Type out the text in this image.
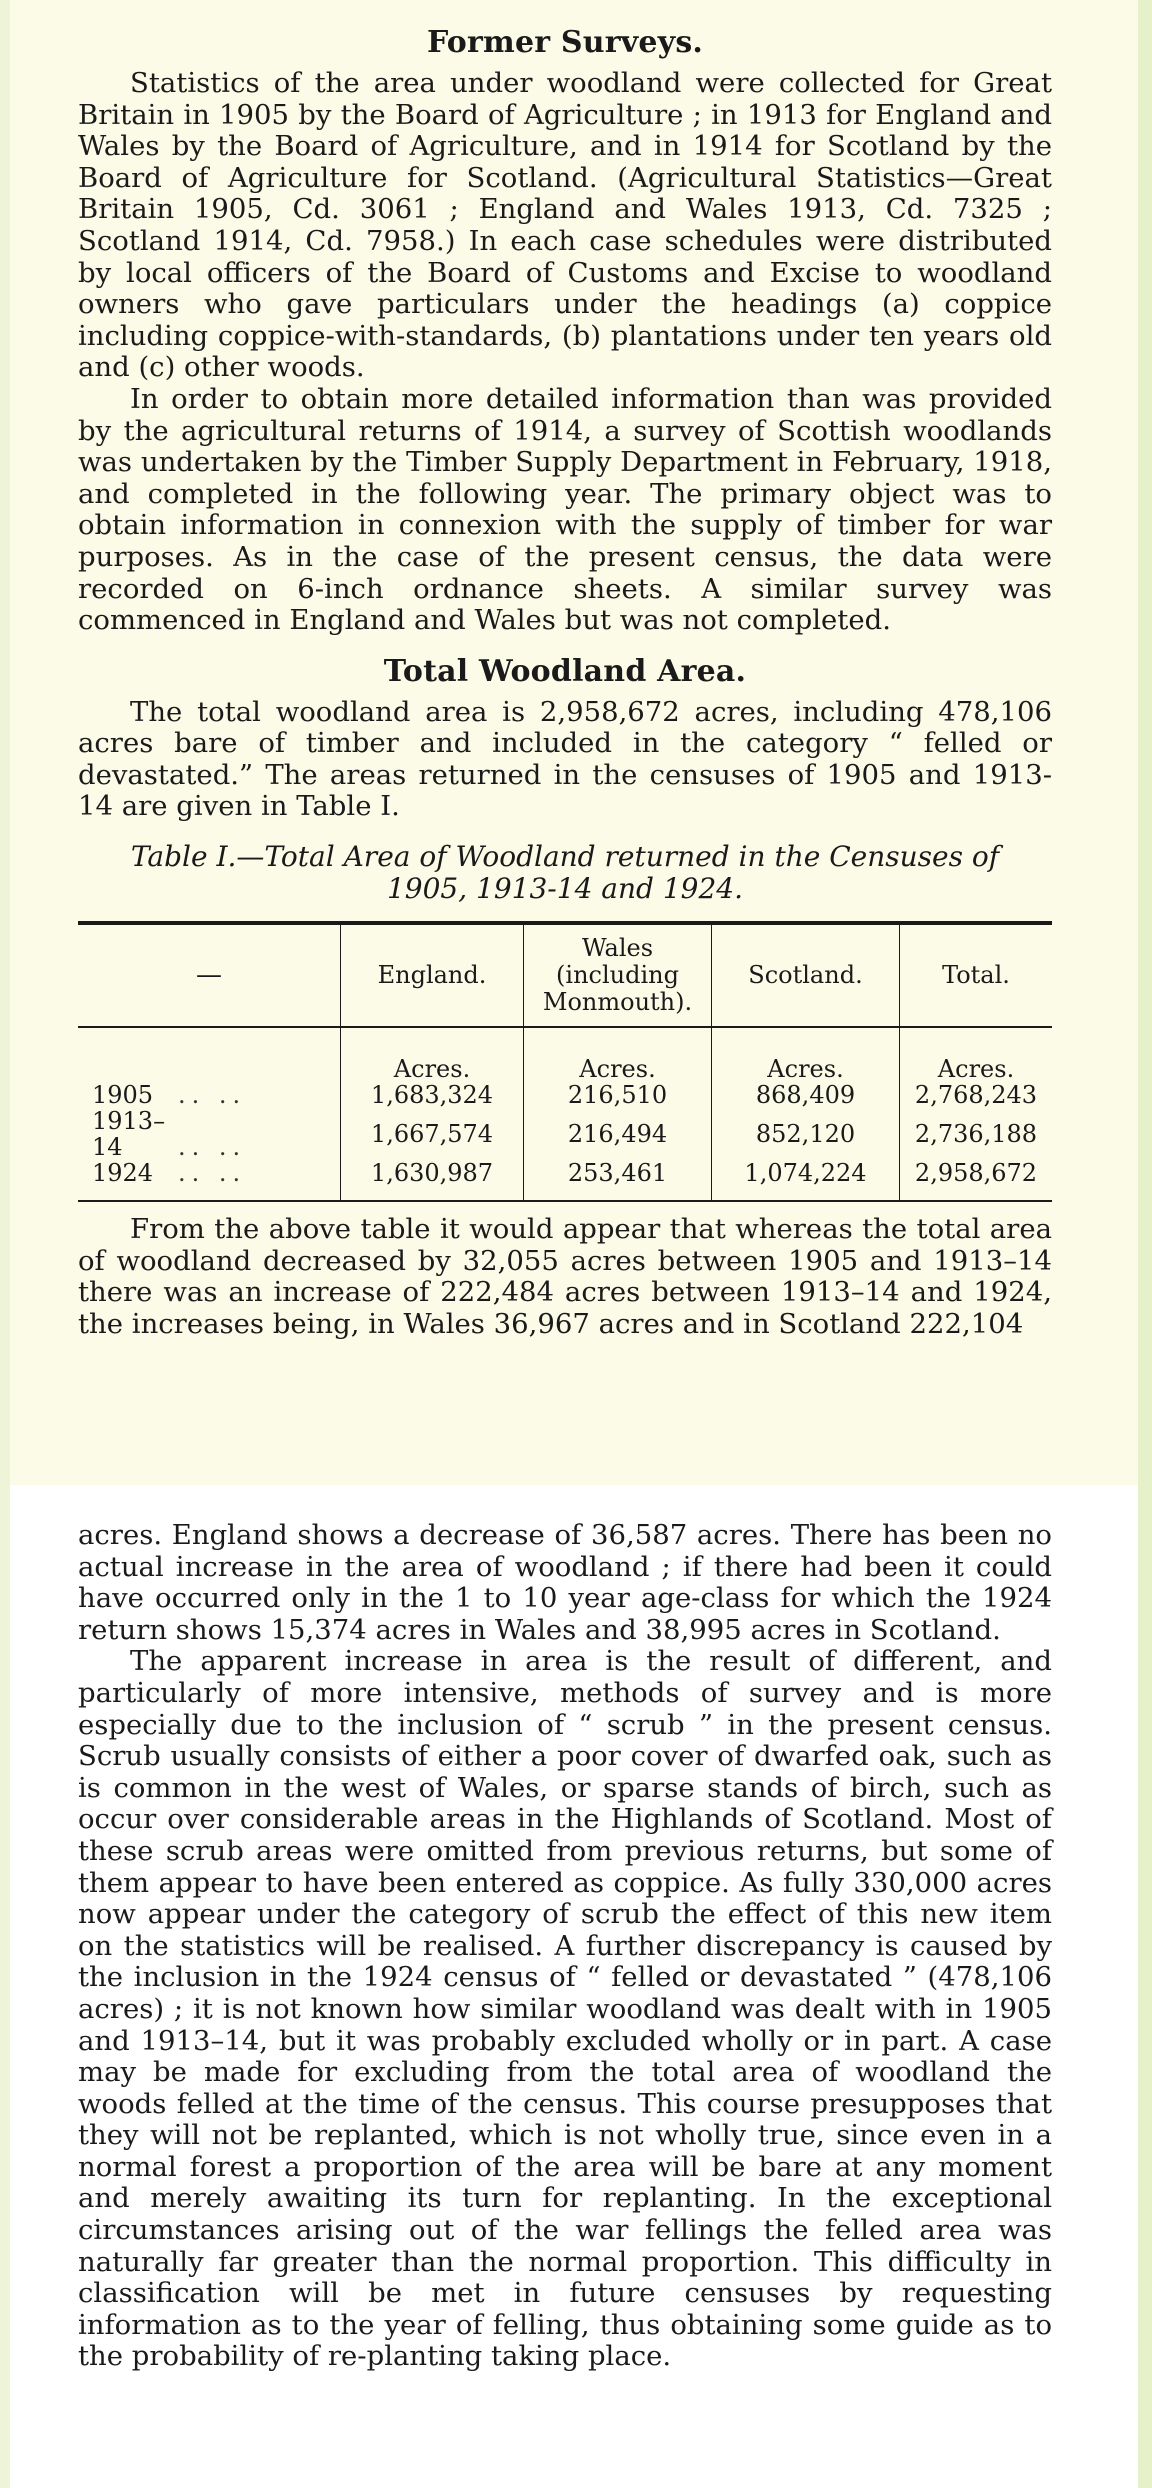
Former Surveys.

Statistics of the area under woodland were collected for Great Britain in 1905 by the Board of Agriculture ; in 1913 for England and Wales by the Board of Agriculture, and in 1914 for Scotland by the Board of Agriculture for Scotland. (Agricultural Statistics—Great Britain 1905, Cd. 3061 ; England and Wales 1913, Cd. 7325 ; Scotland 1914, Cd. 7958.) In each case schedules were distributed by local officers of the Board of Customs and Excise to woodland owners who gave particulars under the headings (a) coppice including coppice-with-standards, (b) plantations under ten years old and (c) other woods.

In order to obtain more detailed information than was provided by the agricultural returns of 1914, a survey of Scottish woodlands was undertaken by the Timber Supply Department in February, 1918, and completed in the following year. The primary object was to obtain information in connexion with the supply of timber for war purposes. As in the case of the present census, the data were recorded on 6-inch ordnance sheets. A similar survey was commenced in England and Wales but was not completed.

Total Woodland Area.

The total woodland area is 2,958,672 acres, including 478,106 acres bare of timber and included in the category “ felled or devastated.” The areas returned in the censuses of 1905 and 1913-14 are given in Table I.

Table I.—Total Area of Woodland returned in the Censuses of
1905, 1913-14 and 1924.
—	England.	Wales (including Monmouth).	Scotland.	Total.
	Acres.	Acres.	Acres.	Acres.
1905 .. ..	1,683,324	216,510	868,409	2,768,243
1913–14 .. ..	1,667,574	216,494	852,120	2,736,188
1924 .. ..	1,630,987	253,461	1,074,224	2,958,672

From the above table it would appear that whereas the total area of woodland decreased by 32,055 acres between 1905 and 1913–14 there was an increase of 222,484 acres between 1913–14 and 1924, the increases being, in Wales 36,967 acres and in Scotland 222,104

acres. England shows a decrease of 36,587 acres. There has been no actual increase in the area of woodland ; if there had been it could have occurred only in the 1 to 10 year age-class for which the 1924 return shows 15,374 acres in Wales and 38,995 acres in Scotland.

The apparent increase in area is the result of different, and particularly of more intensive, methods of survey and is more especially due to the inclusion of “ scrub ” in the present census. Scrub usually consists of either a poor cover of dwarfed oak, such as is common in the west of Wales, or sparse stands of birch, such as occur over considerable areas in the Highlands of Scotland. Most of these scrub areas were omitted from previous returns, but some of them appear to have been entered as coppice. As fully 330,000 acres now appear under the category of scrub the effect of this new item on the statistics will be realised. A further discrepancy is caused by the inclusion in the 1924 census of “ felled or devastated ” (478,106 acres) ; it is not known how similar woodland was dealt with in 1905 and 1913–14, but it was probably excluded wholly or in part. A case may be made for excluding from the total area of woodland the woods felled at the time of the census. This course presupposes that they will not be replanted, which is not wholly true, since even in a normal forest a proportion of the area will be bare at any moment and merely awaiting its turn for replanting. In the exceptional circumstances arising out of the war fellings the felled area was naturally far greater than the normal proportion. This difficulty in classification will be met in future censuses by requesting information as to the year of felling, thus obtaining some guide as to the probability of re-planting taking place.
